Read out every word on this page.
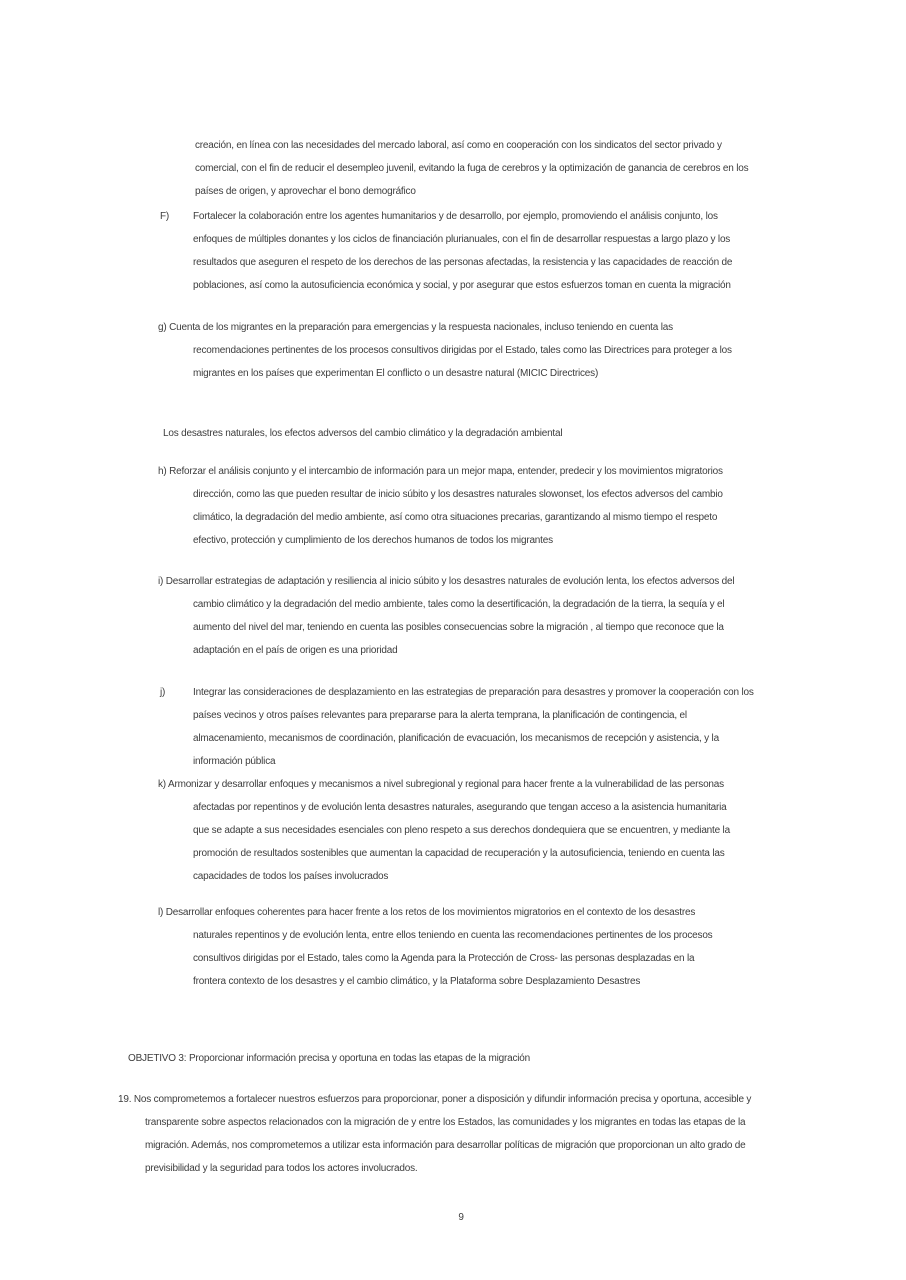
creación, en línea con las necesidades del mercado laboral, así como en cooperación con los sindicatos del sector privado y
comercial, con el fin de reducir el desempleo juvenil, evitando la fuga de cerebros y la optimización de ganancia de cerebros en los
países de origen, y aprovechar el bono demográfico
F) Fortalecer la colaboración entre los agentes humanitarios y de desarrollo, por ejemplo, promoviendo el análisis conjunto, los
enfoques de múltiples donantes y los ciclos de financiación plurianuales, con el fin de desarrollar respuestas a largo plazo y los
resultados que aseguren el respeto de los derechos de las personas afectadas, la resistencia y las capacidades de reacción de
poblaciones, así como la autosuficiencia económica y social, y por asegurar que estos esfuerzos toman en cuenta la migración
g) Cuenta de los migrantes en la preparación para emergencias y la respuesta nacionales, incluso teniendo en cuenta las
recomendaciones pertinentes de los procesos consultivos dirigidas por el Estado, tales como las Directrices para proteger a los
migrantes en los países que experimentan El conflicto o un desastre natural (MICIC Directrices)
Los desastres naturales, los efectos adversos del cambio climático y la degradación ambiental
h) Reforzar el análisis conjunto y el intercambio de información para un mejor mapa, entender, predecir y los movimientos migratorios
dirección, como las que pueden resultar de inicio súbito y los desastres naturales slowonset, los efectos adversos del cambio
climático, la degradación del medio ambiente, así como otra situaciones precarias, garantizando al mismo tiempo el respeto
efectivo, protección y cumplimiento de los derechos humanos de todos los migrantes
i) Desarrollar estrategias de adaptación y resiliencia al inicio súbito y los desastres naturales de evolución lenta, los efectos adversos del
cambio climático y la degradación del medio ambiente, tales como la desertificación, la degradación de la tierra, la sequía y el
aumento del nivel del mar, teniendo en cuenta las posibles consecuencias sobre la migración , al tiempo que reconoce que la
adaptación en el país de origen es una prioridad
j)	Integrar las consideraciones de desplazamiento en las estrategias de preparación para desastres y promover la cooperación con los
países vecinos y otros países relevantes para prepararse para la alerta temprana, la planificación de contingencia, el
almacenamiento, mecanismos de coordinación, planificación de evacuación, los mecanismos de recepción y asistencia, y la
información pública
k) Armonizar y desarrollar enfoques y mecanismos a nivel subregional y regional para hacer frente a la vulnerabilidad de las personas
afectadas por repentinos y de evolución lenta desastres naturales, asegurando que tengan acceso a la asistencia humanitaria
que se adapte a sus necesidades esenciales con pleno respeto a sus derechos dondequiera que se encuentren, y mediante la
promoción de resultados sostenibles que aumentan la capacidad de recuperación y la autosuficiencia, teniendo en cuenta las
capacidades de todos los países involucrados
l) Desarrollar enfoques coherentes para hacer frente a los retos de los movimientos migratorios en el contexto de los desastres
naturales repentinos y de evolución lenta, entre ellos teniendo en cuenta las recomendaciones pertinentes de los procesos
consultivos dirigidas por el Estado, tales como la Agenda para la Protección de Cross- las personas desplazadas en la
frontera contexto de los desastres y el cambio climático, y la Plataforma sobre Desplazamiento Desastres
OBJETIVO 3: Proporcionar información precisa y oportuna en todas las etapas de la migración
19. Nos comprometemos a fortalecer nuestros esfuerzos para proporcionar, poner a disposición y difundir información precisa y oportuna, accesible y
transparente sobre aspectos relacionados con la migración de y entre los Estados, las comunidades y los migrantes en todas las etapas de la
migración. Además, nos comprometemos a utilizar esta información para desarrollar políticas de migración que proporcionan un alto grado de
previsibilidad y la seguridad para todos los actores involucrados.
9
